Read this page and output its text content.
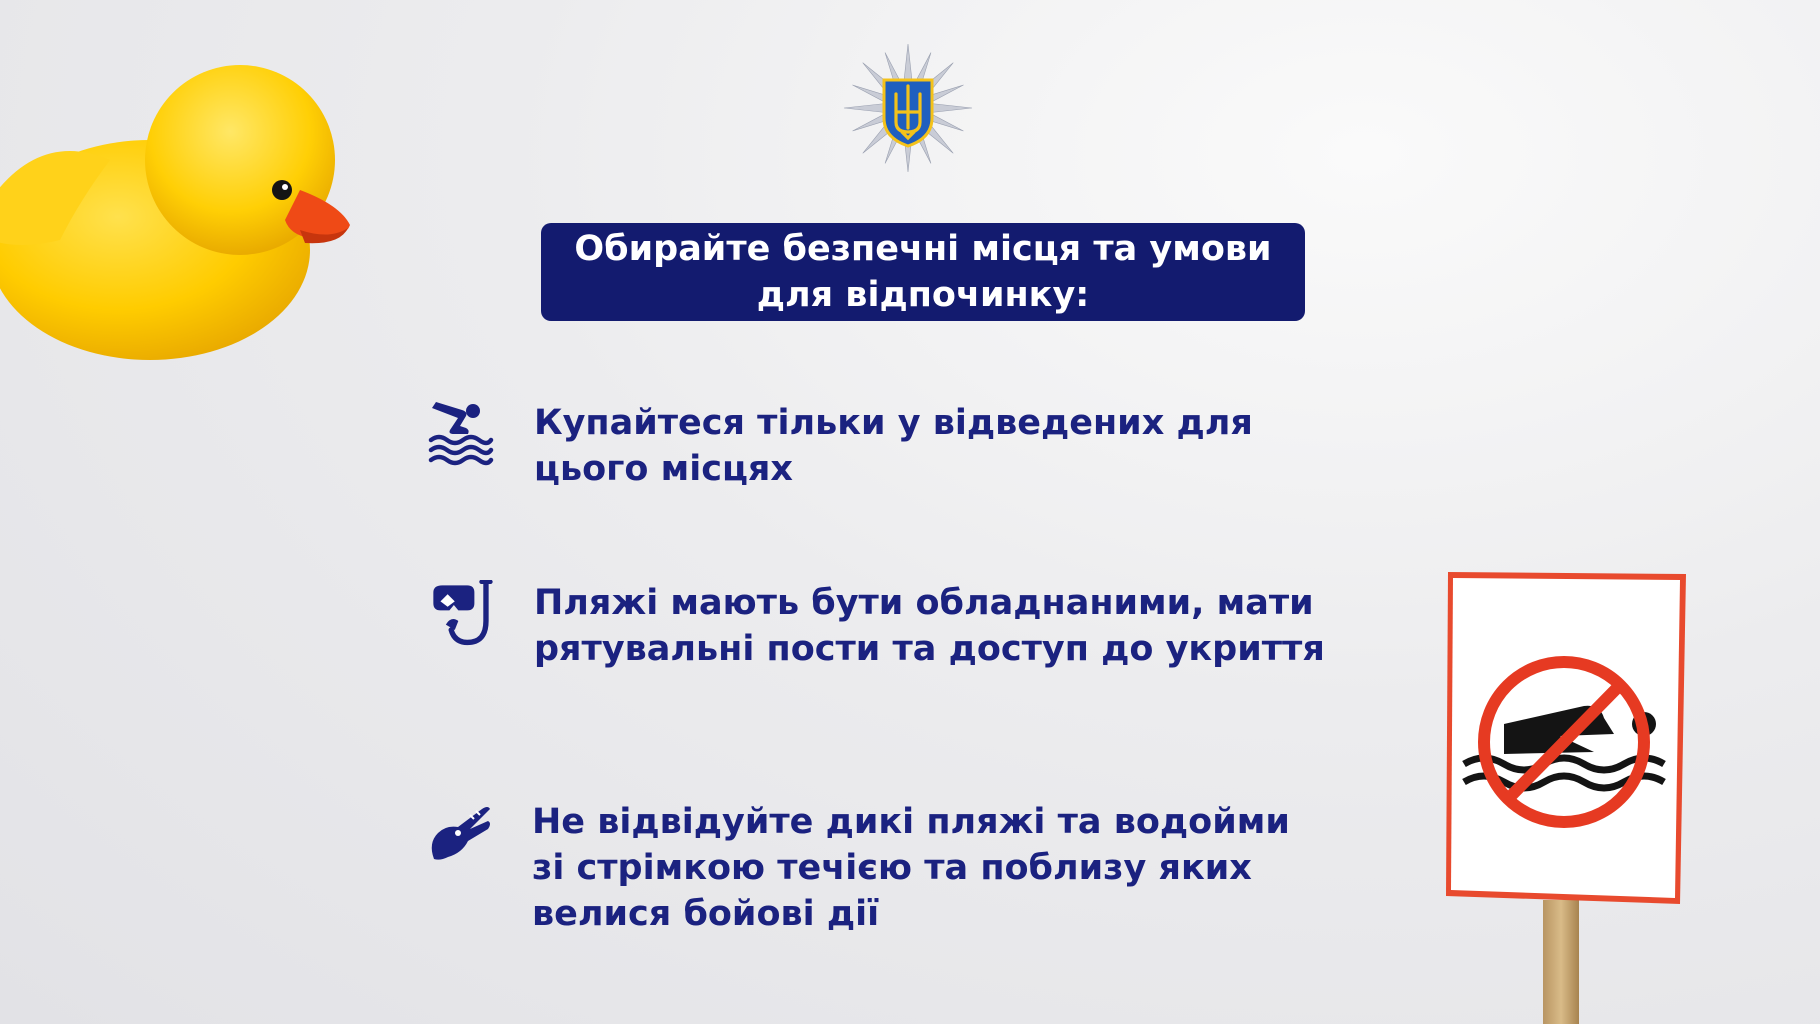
Обирайте безпечні місця та умови для відпочинку:
Купайтеся тільки у відведених для цього місцях
Пляжі мають бути обладнаними, мати рятувальні пости та доступ до укриття
Не відвідуйте дикі пляжі та водойми зі стрімкою течією та поблизу яких велися бойові дії
